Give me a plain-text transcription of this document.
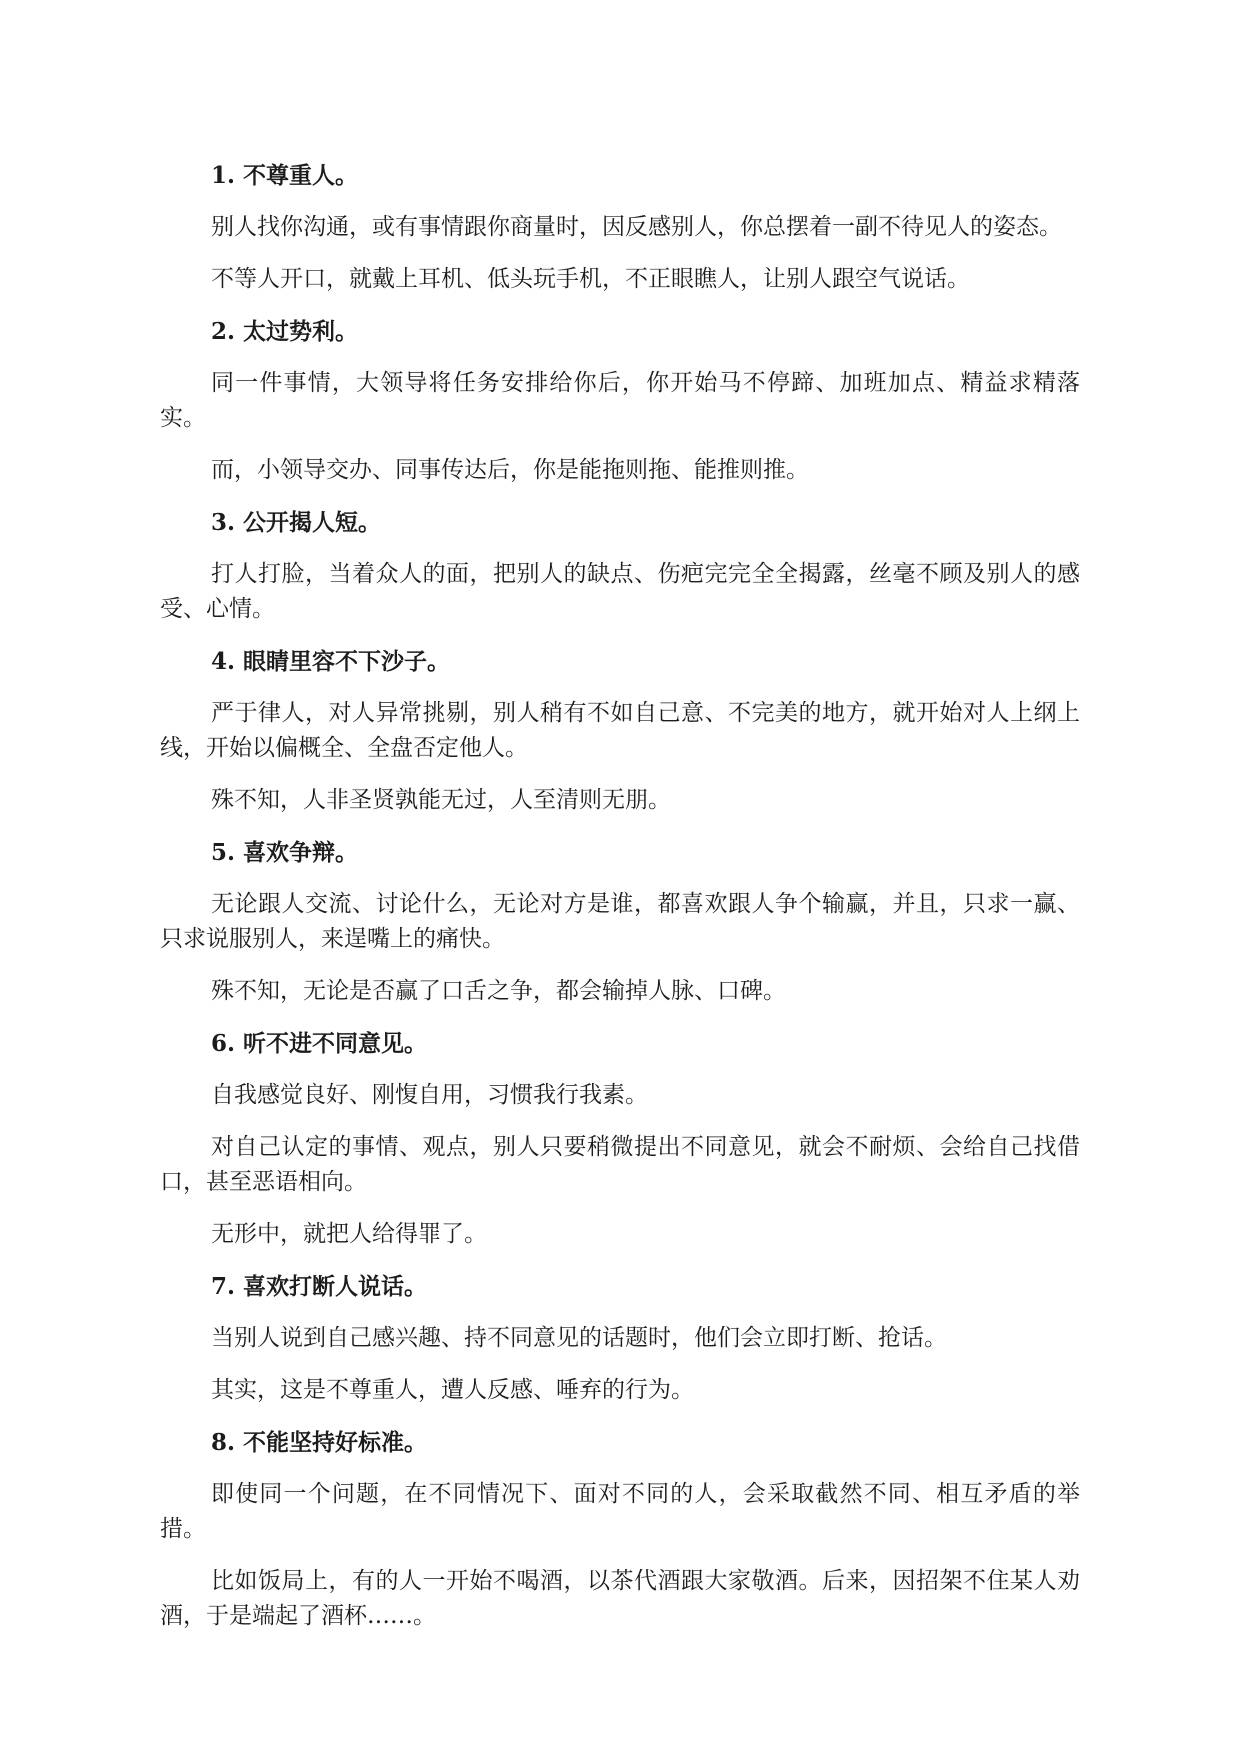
1. 不尊重人。
别人找你沟通，或有事情跟你商量时，因反感别人，你总摆着一副不待见人的姿态。
不等人开口，就戴上耳机、低头玩手机，不正眼瞧人，让别人跟空气说话。
2. 太过势利。
同一件事情，大领导将任务安排给你后，你开始马不停蹄、加班加点、精益求精落实。
而，小领导交办、同事传达后，你是能拖则拖、能推则推。
3. 公开揭人短。
打人打脸，当着众人的面，把别人的缺点、伤疤完完全全揭露，丝毫不顾及别人的感受、心情。
4. 眼睛里容不下沙子。
严于律人，对人异常挑剔，别人稍有不如自己意、不完美的地方，就开始对人上纲上线，开始以偏概全、全盘否定他人。
殊不知，人非圣贤孰能无过，人至清则无朋。
5. 喜欢争辩。
无论跟人交流、讨论什么，无论对方是谁，都喜欢跟人争个输赢，并且，只求一赢、只求说服别人，来逞嘴上的痛快。
殊不知，无论是否赢了口舌之争，都会输掉人脉、口碑。
6. 听不进不同意见。
自我感觉良好、刚愎自用，习惯我行我素。
对自己认定的事情、观点，别人只要稍微提出不同意见，就会不耐烦、会给自己找借口，甚至恶语相向。
无形中，就把人给得罪了。
7. 喜欢打断人说话。
当别人说到自己感兴趣、持不同意见的话题时，他们会立即打断、抢话。
其实，这是不尊重人，遭人反感、唾弃的行为。
8. 不能坚持好标准。
即使同一个问题，在不同情况下、面对不同的人，会采取截然不同、相互矛盾的举措。
比如饭局上，有的人一开始不喝酒，以茶代酒跟大家敬酒。后来，因招架不住某人劝酒，于是端起了酒杯……。
